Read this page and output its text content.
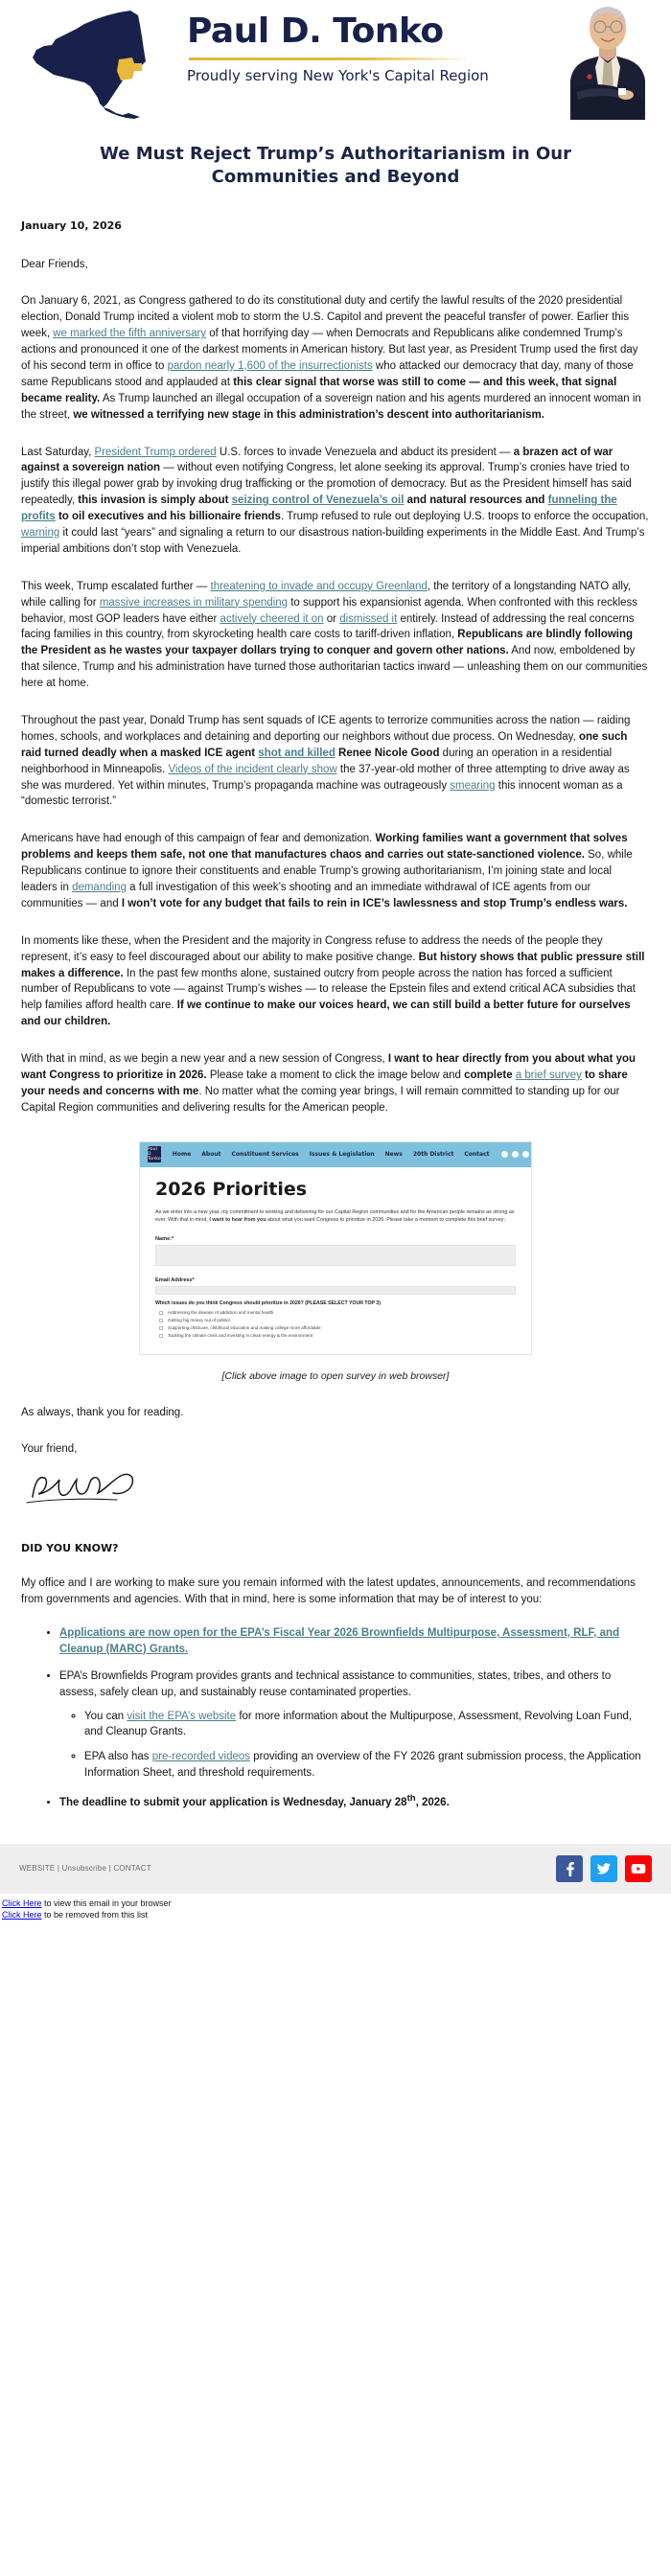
Paul D. Tonko
Proudly serving New York's Capital Region
We Must Reject Trump’s Authoritarianism in Our Communities and Beyond
January 10, 2026

Dear Friends,

On January 6, 2021, as Congress gathered to do its constitutional duty and certify the lawful results of the 2020 presidential election, Donald Trump incited a violent mob to storm the U.S. Capitol and prevent the peaceful transfer of power. Earlier this week, we marked the fifth anniversary of that horrifying day — when Democrats and Republicans alike condemned Trump’s actions and pronounced it one of the darkest moments in American history. But last year, as President Trump used the first day of his second term in office to pardon nearly 1,600 of the insurrectionists who attacked our democracy that day, many of those same Republicans stood and applauded at this clear signal that worse was still to come — and this week, that signal became reality. As Trump launched an illegal occupation of a sovereign nation and his agents murdered an innocent woman in the street, we witnessed a terrifying new stage in this administration’s descent into authoritarianism.

Last Saturday, President Trump ordered U.S. forces to invade Venezuela and abduct its president — a brazen act of war against a sovereign nation — without even notifying Congress, let alone seeking its approval. Trump’s cronies have tried to justify this illegal power grab by invoking drug trafficking or the promotion of democracy. But as the President himself has said repeatedly, this invasion is simply about seizing control of Venezuela’s oil and natural resources and funneling the profits to oil executives and his billionaire friends. Trump refused to rule out deploying U.S. troops to enforce the occupation, warning it could last “years” and signaling a return to our disastrous nation-building experiments in the Middle East. And Trump’s imperial ambitions don’t stop with Venezuela.

This week, Trump escalated further — threatening to invade and occupy Greenland, the territory of a longstanding NATO ally, while calling for massive increases in military spending to support his expansionist agenda. When confronted with this reckless behavior, most GOP leaders have either actively cheered it on or dismissed it entirely. Instead of addressing the real concerns facing families in this country, from skyrocketing health care costs to tariff-driven inflation, Republicans are blindly following the President as he wastes your taxpayer dollars trying to conquer and govern other nations. And now, emboldened by that silence, Trump and his administration have turned those authoritarian tactics inward — unleashing them on our communities here at home.

Throughout the past year, Donald Trump has sent squads of ICE agents to terrorize communities across the nation — raiding homes, schools, and workplaces and detaining and deporting our neighbors without due process. On Wednesday, one such raid turned deadly when a masked ICE agent shot and killed Renee Nicole Good during an operation in a residential neighborhood in Minneapolis. Videos of the incident clearly show the 37-year-old mother of three attempting to drive away as she was murdered. Yet within minutes, Trump’s propaganda machine was outrageously smearing this innocent woman as a “domestic terrorist.”

Americans have had enough of this campaign of fear and demonization. Working families want a government that solves problems and keeps them safe, not one that manufactures chaos and carries out state-sanctioned violence. So, while Republicans continue to ignore their constituents and enable Trump’s growing authoritarianism, I’m joining state and local leaders in demanding a full investigation of this week’s shooting and an immediate withdrawal of ICE agents from our communities — and I won’t vote for any budget that fails to rein in ICE’s lawlessness and stop Trump’s endless wars.

In moments like these, when the President and the majority in Congress refuse to address the needs of the people they represent, it’s easy to feel discouraged about our ability to make positive change. But history shows that public pressure still makes a difference. In the past few months alone, sustained outcry from people across the nation has forced a sufficient number of Republicans to vote — against Trump’s wishes — to release the Epstein files and extend critical ACA subsidies that help families afford health care. If we continue to make our voices heard, we can still build a better future for ourselves and our children.

With that in mind, as we begin a new year and a new session of Congress, I want to hear directly from you about what you want Congress to prioritize in 2026. Please take a moment to click the image below and complete a brief survey to share your needs and concerns with me. No matter what the coming year brings, I will remain committed to standing up for our Capital Region communities and delivering results for the American people.

Paul D. Tonko
Home About Constituent Services Issues & Legislation News 20th District Contact
2026 Priorities

As we enter into a new year, my commitment to working and delivering for our Capital Region communities and for the American people remains as strong as ever. With that in mind, I want to hear from you about what you want Congress to prioritize in 2026. Please take a moment to complete this brief survey:

Name:*
Email Address*
Which issues do you think Congress should prioritize in 2026? (PLEASE SELECT YOUR TOP 3)
Addressing the disease of addiction and mental health
Getting big money out of politics
Supporting childcare, childhood education and making college more affordable
Tackling the climate crisis and investing in clean energy & the environment
[Click above image to open survey in web browser]

As always, thank you for reading.

Your friend,

DID YOU KNOW?

My office and I are working to make sure you remain informed with the latest updates, announcements, and recommendations from governments and agencies. With that in mind, here is some information that may be of interest to you:

• Applications are now open for the EPA’s Fiscal Year 2026 Brownfields Multipurpose, Assessment, RLF, and Cleanup (MARC) Grants.
• EPA’s Brownfields Program provides grants and technical assistance to communities, states, tribes, and others to assess, safely clean up, and sustainably reuse contaminated properties.
◦ You can visit the EPA’s website for more information about the Multipurpose, Assessment, Revolving Loan Fund, and Cleanup Grants.
◦ EPA also has pre-recorded videos providing an overview of the FY 2026 grant submission process, the Application Information Sheet, and threshold requirements.
• The deadline to submit your application is Wednesday, January 28th, 2026.
WEBSITE | Unsubscribe | CONTACT
Click Here to view this email in your browser
Click Here to be removed from this list
